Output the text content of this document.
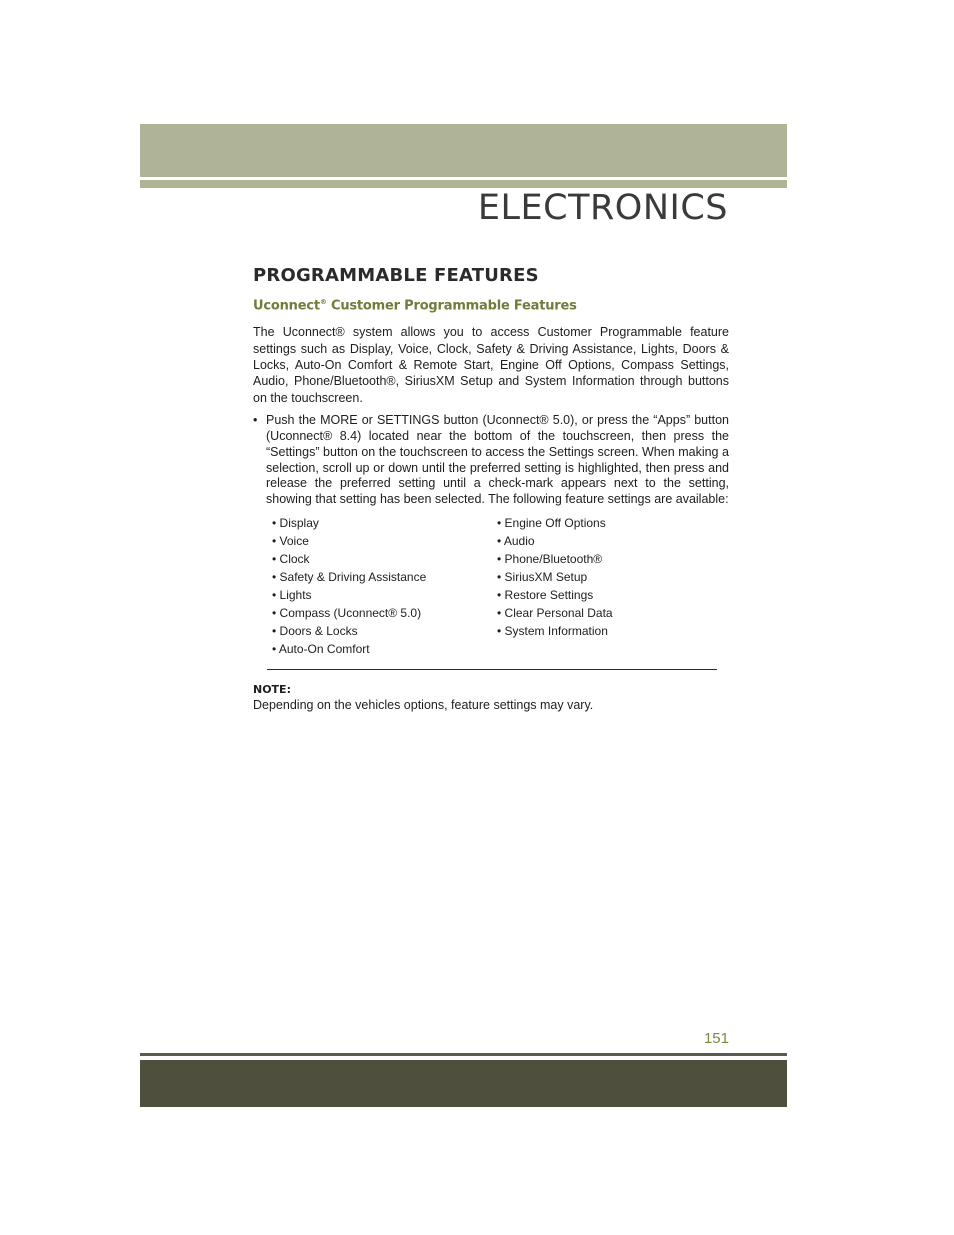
ELECTRONICS
PROGRAMMABLE FEATURES
Uconnect® Customer Programmable Features

The Uconnect® system allows you to access Customer Programmable feature settings such as Display, Voice, Clock, Safety & Driving Assistance, Lights, Doors & Locks, Auto-On Comfort & Remote Start, Engine Off Options, Compass Settings, Audio, Phone/Bluetooth®, SiriusXM Setup and System Information through buttons on the touchscreen.

• Push the MORE or SETTINGS button (Uconnect® 5.0), or press the “Apps” button (Uconnect® 8.4) located near the bottom of the touchscreen, then press the “Settings” button on the touchscreen to access the Settings screen. When making a selection, scroll up or down until the preferred setting is highlighted, then press and release the preferred setting until a check-mark appears next to the setting, showing that setting has been selected. The following feature settings are available:
• Display
• Voice
• Clock
• Safety & Driving Assistance
• Lights
• Compass (Uconnect® 5.0)
• Doors & Locks
• Auto-On Comfort
• Engine Off Options
• Audio
• Phone/Bluetooth®
• SiriusXM Setup
• Restore Settings
• Clear Personal Data
• System Information
NOTE:
Depending on the vehicles options, feature settings may vary.
151
